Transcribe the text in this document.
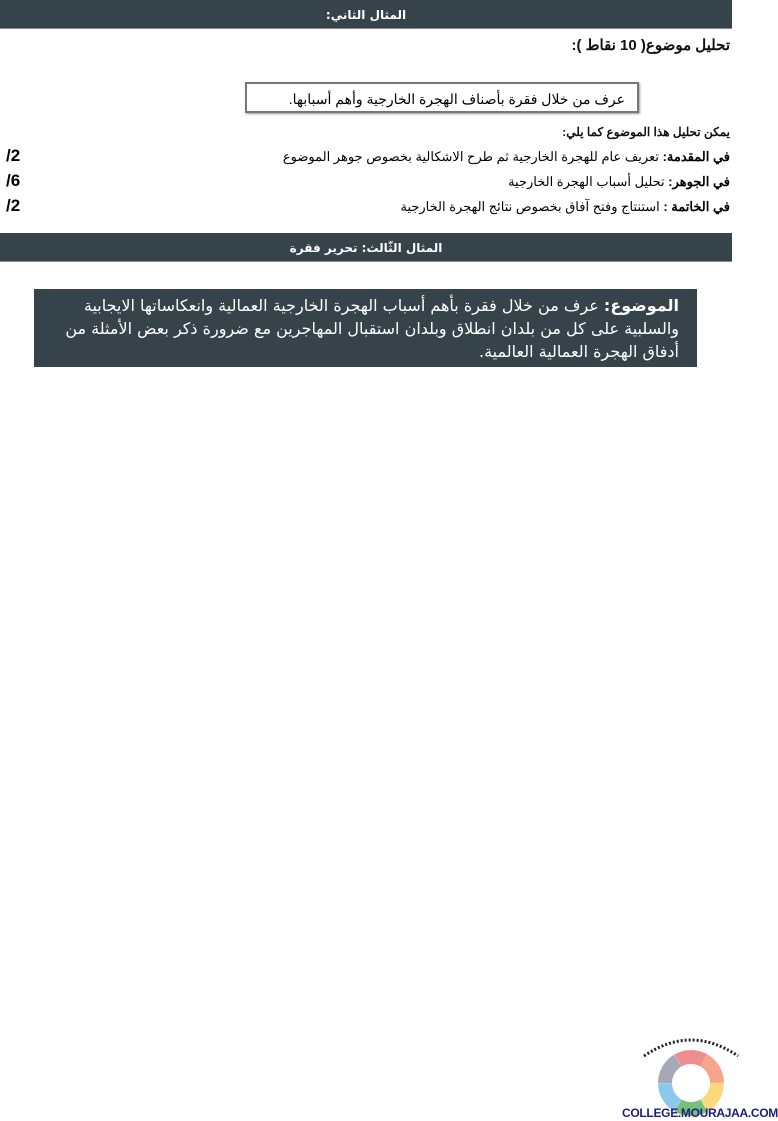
:المثال الثاني
تحليل موضوع( 10 نقاط ):
عرف من خلال فقرة بأصناف الهجرة الخارجية وأهم أسبابها.
يمكن تحليل هذا الموضوع كما يلي:
في المقدمة: تعريف عام للهجرة الخارجية ثم طرح الاشكالية بخصوص جوهر الموضوع
/2
في الجوهر: تحليل أسباب الهجرة الخارجية
/6
في الخاتمة : استنتاج وفتح آفاق بخصوص نتائج الهجرة الخارجية
/2
المثال الثّالث: تحرير فقرة
الموضوع: عرف من خلال فقرة بأهم أسباب الهجرة الخارجية العمالية وانعكاساتها الايجابية والسلبية على كل من بلدان انطلاق وبلدان استقبال المهاجرين مع ضرورة ذكر بعض الأمثلة من أدفاق الهجرة العمالية العالمية.
COLLEGE.MOURAJAA.COM
